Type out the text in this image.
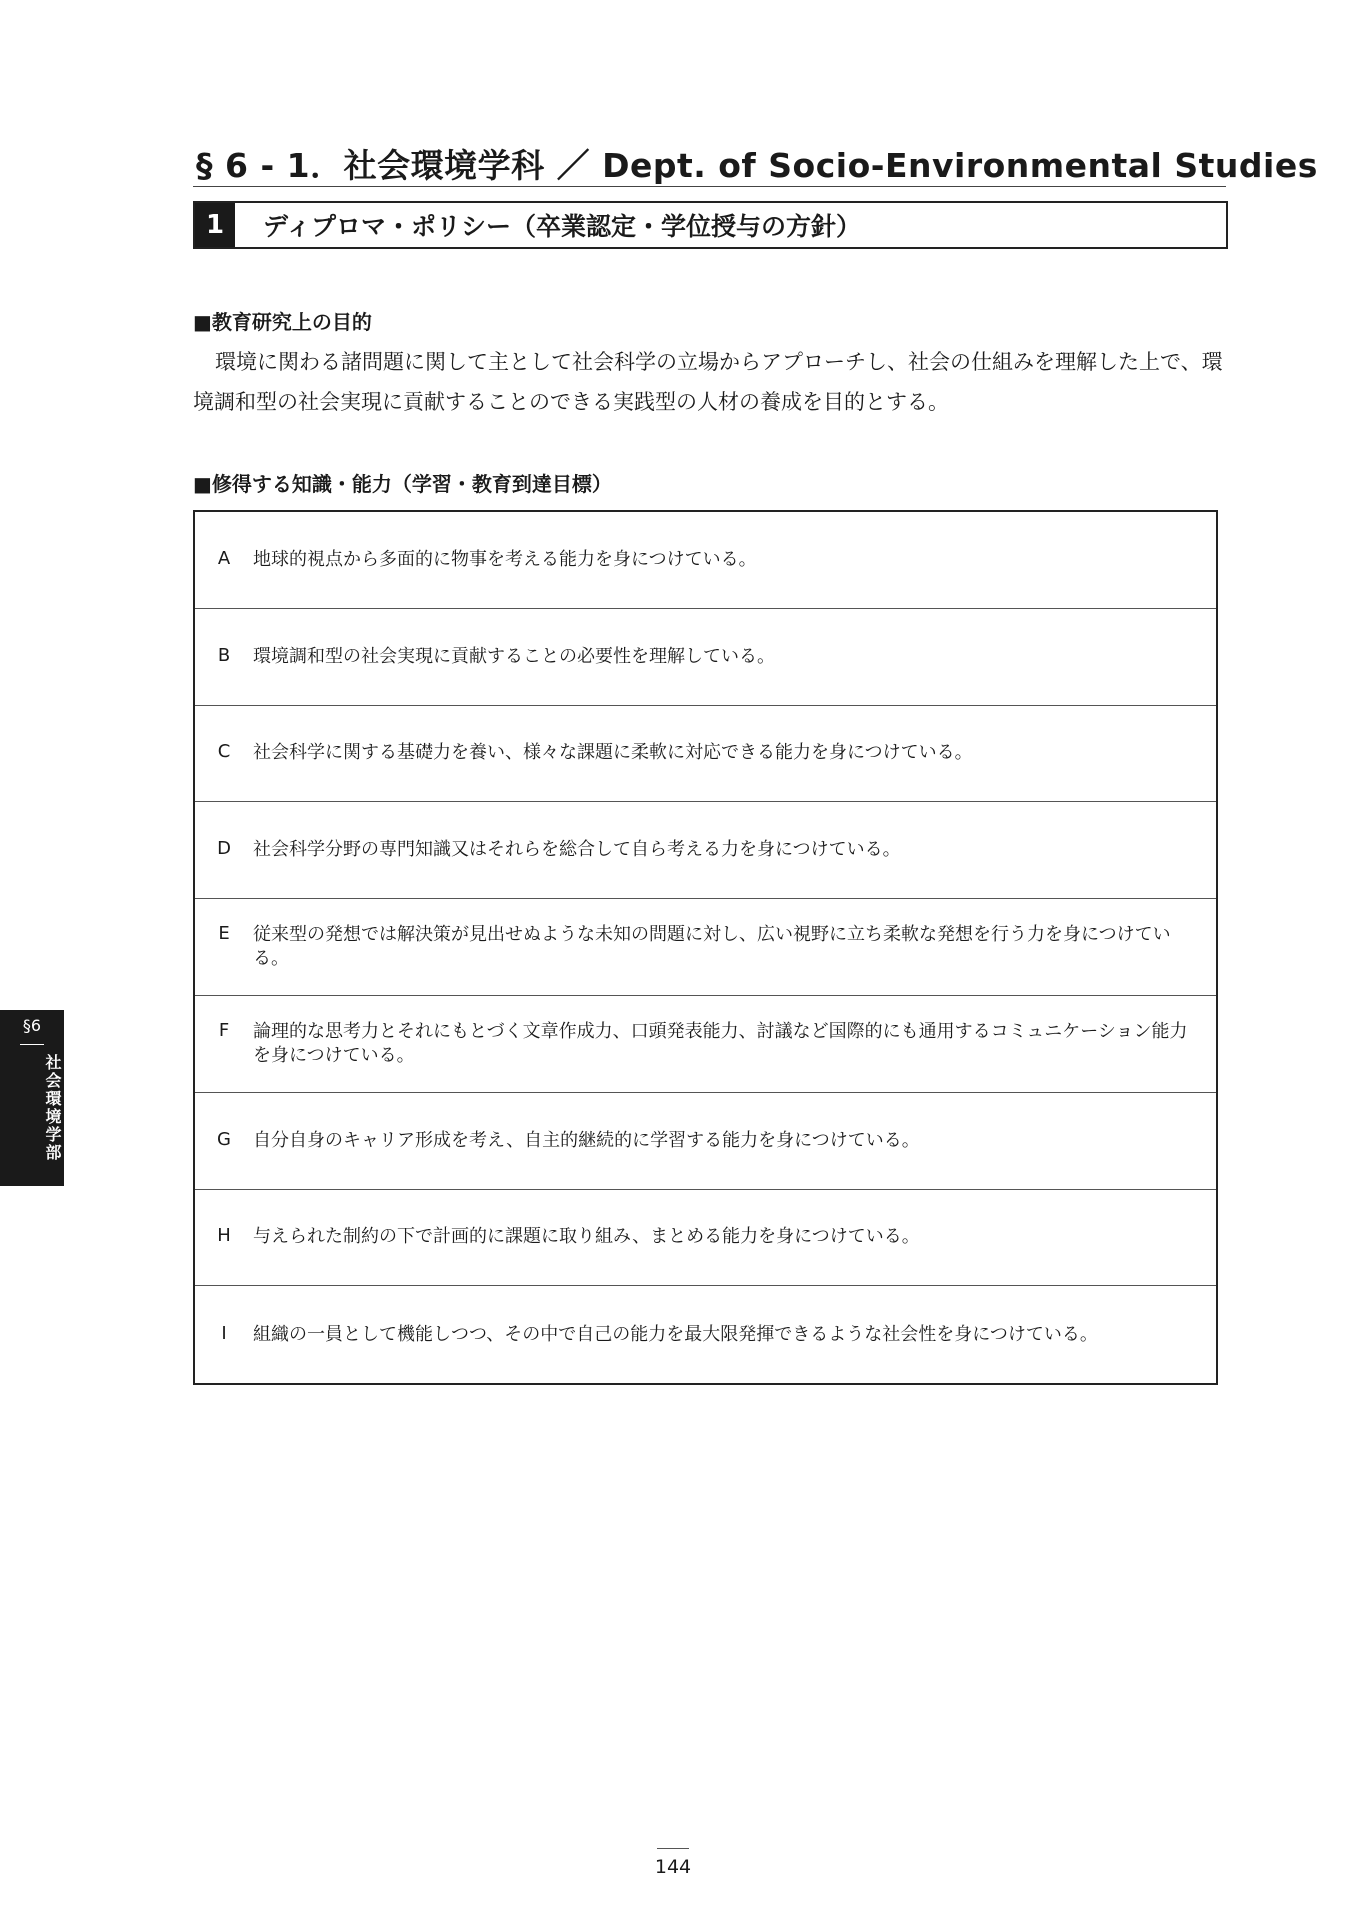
§ 6 - 1．社会環境学科 ／ Dept. of Socio-Environmental Studies
1	ディプロマ・ポリシー（卒業認定・学位授与の方針）
■教育研究上の目的
環境に関わる諸問題に関して主として社会科学の立場からアプローチし、社会の仕組みを理解した上で、環境調和型の社会実現に貢献することのできる実践型の人材の養成を目的とする。
■修得する知識・能力（学習・教育到達目標）
A	地球的視点から多面的に物事を考える能力を身につけている。
B	環境調和型の社会実現に貢献することの必要性を理解している。
C	社会科学に関する基礎力を養い、様々な課題に柔軟に対応できる能力を身につけている。
D	社会科学分野の専門知識又はそれらを総合して自ら考える力を身につけている。
E	従来型の発想では解決策が見出せぬような未知の問題に対し、広い視野に立ち柔軟な発想を行う力を身につけている。
F	論理的な思考力とそれにもとづく文章作成力、口頭発表能力、討議など国際的にも通用するコミュニケーション能力を身につけている。
G	自分自身のキャリア形成を考え、自主的継続的に学習する能力を身につけている。
H	与えられた制約の下で計画的に課題に取り組み、まとめる能力を身につけている。
I	組織の一員として機能しつつ、その中で自己の能力を最大限発揮できるような社会性を身につけている。
§6
社会環境学部
144
